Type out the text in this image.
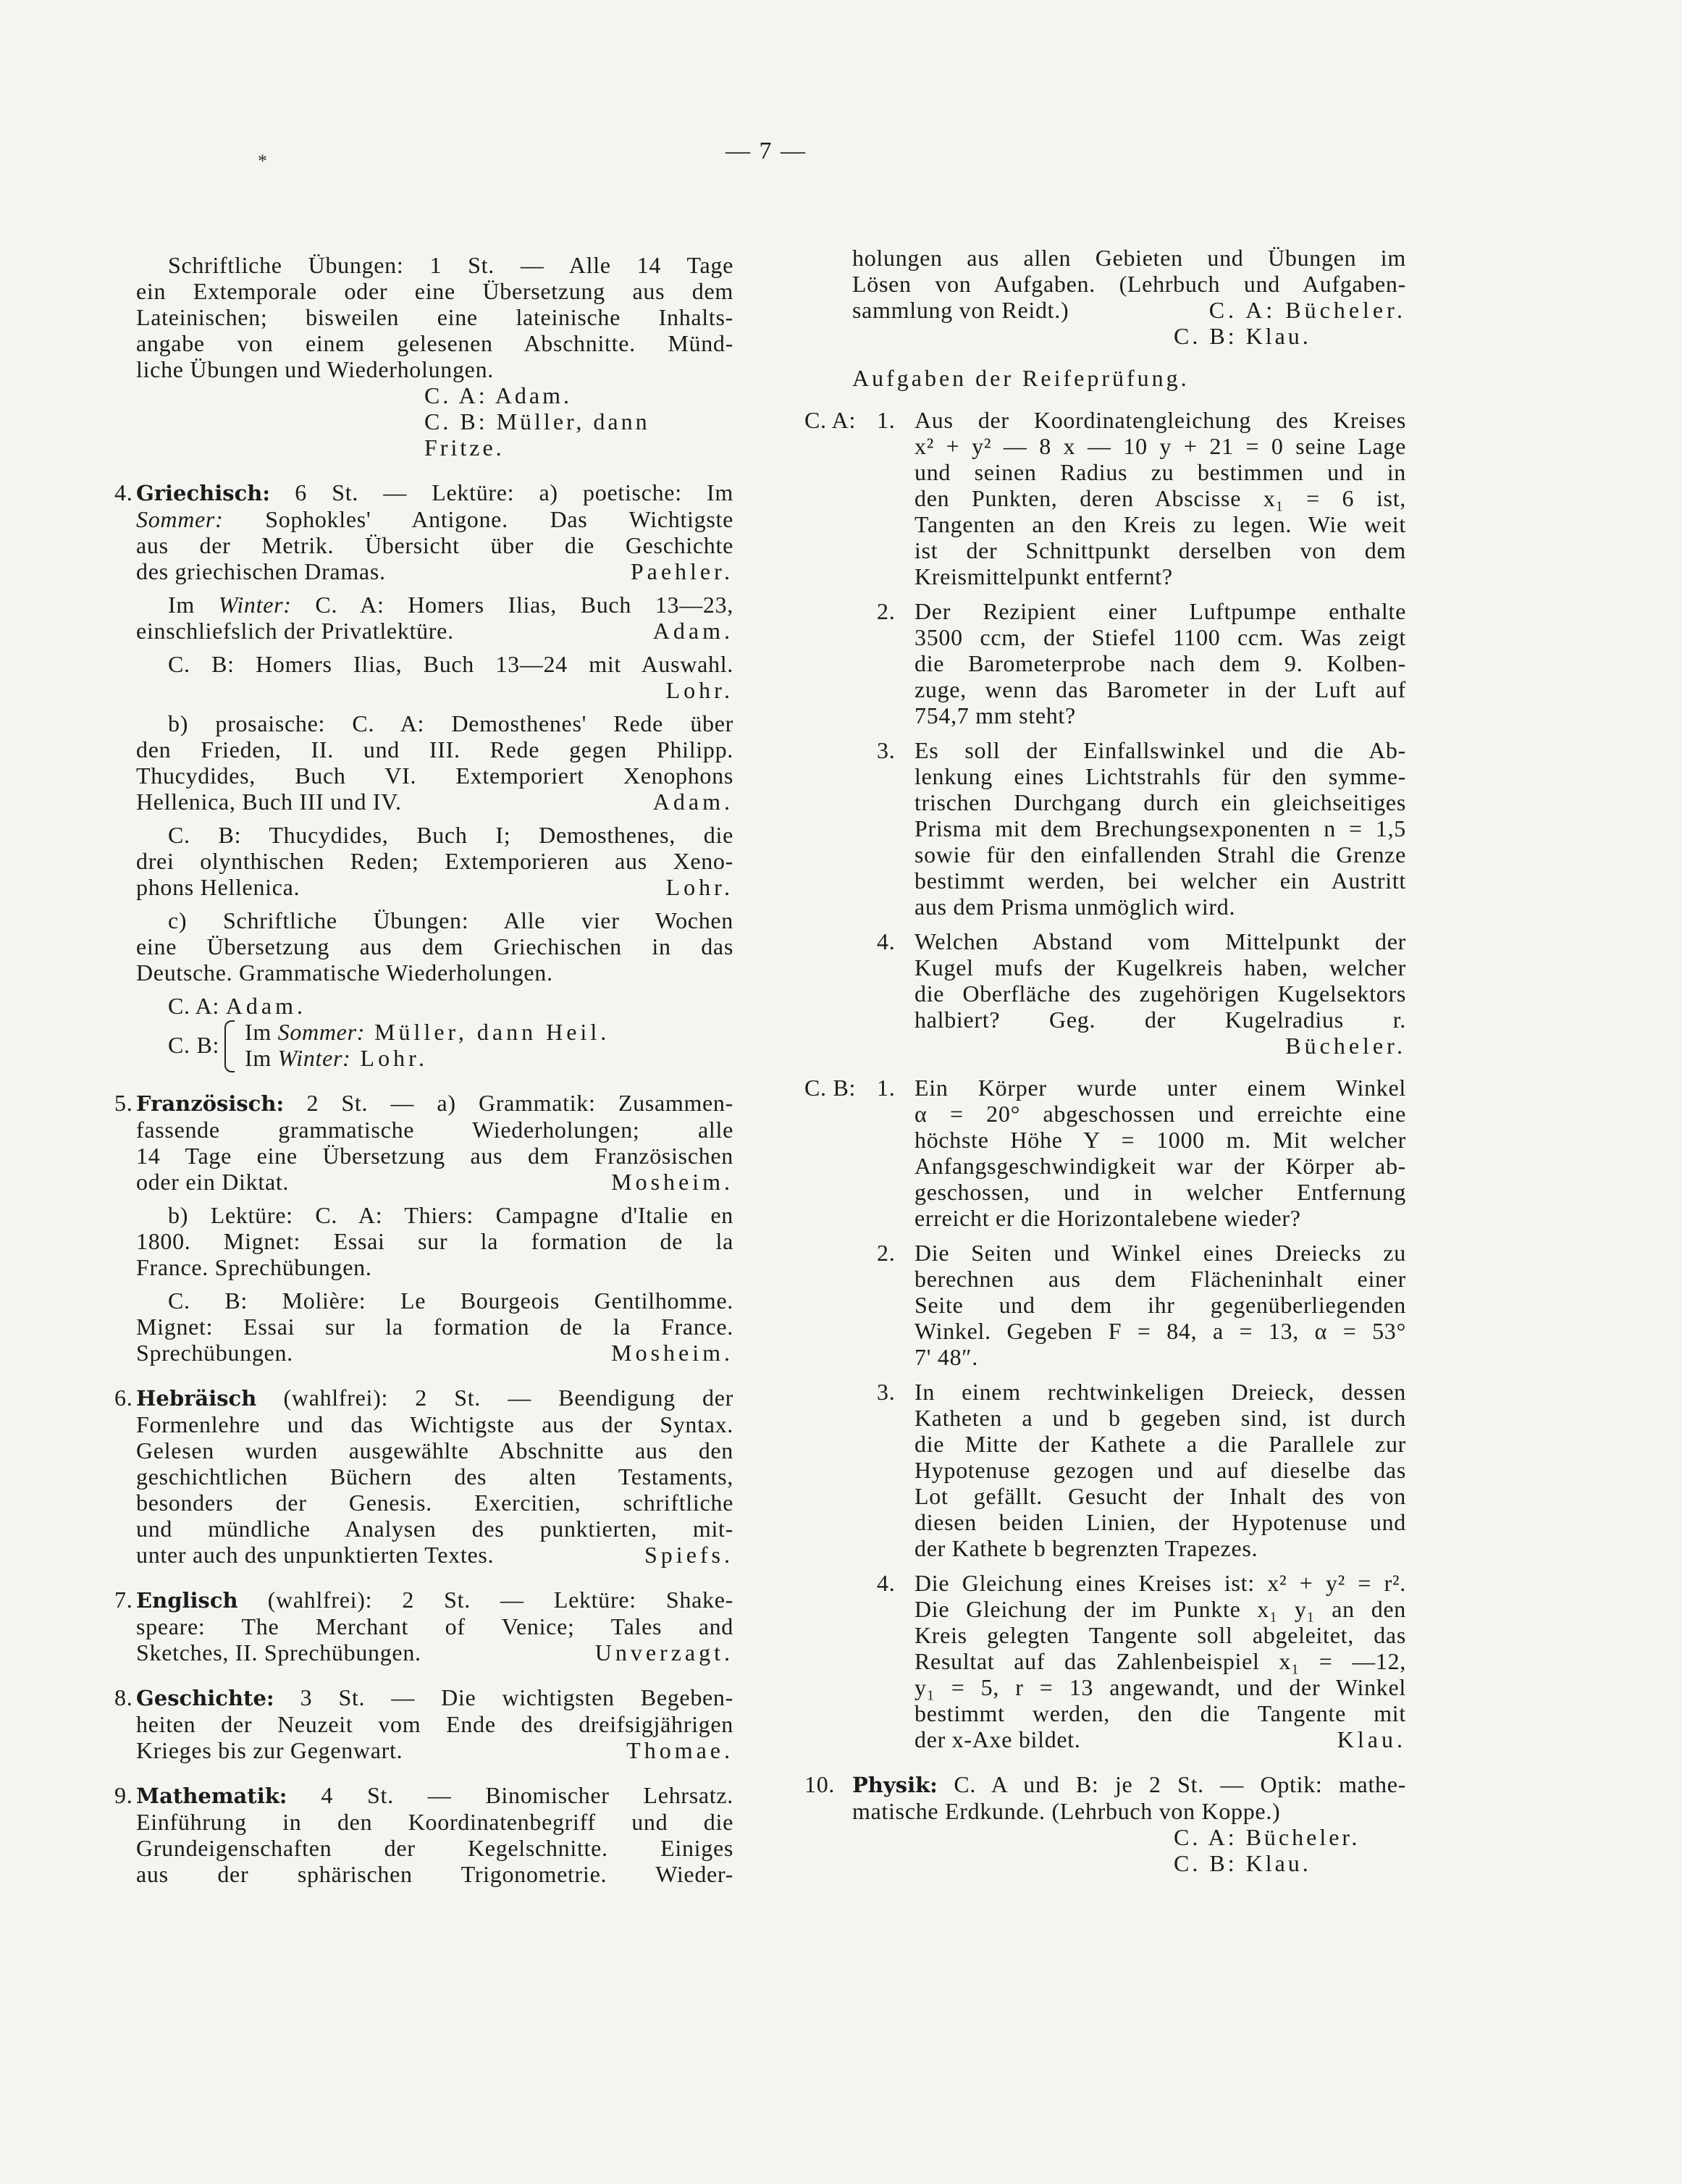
— 7 —
*
Schriftliche Übungen: 1 St. — Alle 14 Tage
ein Extemporale oder eine Übersetzung aus dem
Lateinischen; bisweilen eine lateinische Inhalts-
angabe von einem gelesenen Abschnitte. Münd-
liche Übungen und Wiederholungen.
C. A: Adam.
C. B: Müller, dann Fritze.
4. Griechisch: 6 St. — Lektüre: a) poetische: Im
Sommer: Sophokles' Antigone. Das Wichtigste
aus der Metrik. Übersicht über die Geschichte
des griechischen Dramas.	Paehler.
Im Winter: C. A: Homers Ilias, Buch 13—23,
einschliefslich der Privatlektüre.	Adam.
C. B: Homers Ilias, Buch 13—24 mit Auswahl.
Lohr.
b) prosaische: C. A: Demosthenes' Rede über
den Frieden, II. und III. Rede gegen Philipp.
Thucydides, Buch VI. Extemporiert Xenophons
Hellenica, Buch III und IV.	Adam.
C. B: Thucydides, Buch I; Demosthenes, die
drei olynthischen Reden; Extemporieren aus Xeno-
phons Hellenica.	Lohr.
c) Schriftliche Übungen: Alle vier Wochen
eine Übersetzung aus dem Griechischen in das
Deutsche. Grammatische Wiederholungen.
C. A: Adam.
C. B: Im Sommer: Müller, dann Heil.
Im Winter: Lohr.
5. Französisch: 2 St. — a) Grammatik: Zusammen-
fassende grammatische Wiederholungen; alle
14 Tage eine Übersetzung aus dem Französischen
oder ein Diktat.	Mosheim.
b) Lektüre: C. A: Thiers: Campagne d'Italie en
1800. Mignet: Essai sur la formation de la
France. Sprechübungen.
C. B: Molière: Le Bourgeois Gentilhomme.
Mignet: Essai sur la formation de la France.
Sprechübungen.	Mosheim.
6. Hebräisch (wahlfrei): 2 St. — Beendigung der
Formenlehre und das Wichtigste aus der Syntax.
Gelesen wurden ausgewählte Abschnitte aus den
geschichtlichen Büchern des alten Testaments,
besonders der Genesis. Exercitien, schriftliche
und mündliche Analysen des punktierten, mit-
unter auch des unpunktierten Textes.	Spiefs.
7. Englisch (wahlfrei): 2 St. — Lektüre: Shake-
speare: The Merchant of Venice; Tales and
Sketches, II. Sprechübungen.	Unverzagt.
8. Geschichte: 3 St. — Die wichtigsten Begeben-
heiten der Neuzeit vom Ende des dreifsigjährigen
Krieges bis zur Gegenwart.	Thomae.
9. Mathematik: 4 St. — Binomischer Lehrsatz.
Einführung in den Koordinatenbegriff und die
Grundeigenschaften der Kegelschnitte. Einiges
aus der sphärischen Trigonometrie. Wieder-
holungen aus allen Gebieten und Übungen im
Lösen von Aufgaben. (Lehrbuch und Aufgaben-
sammlung von Reidt.)	C. A: Bücheler.
C. B: Klau.
Aufgaben der Reifeprüfung.
C. A: 1. Aus der Koordinatengleichung des Kreises
x² + y² — 8 x — 10 y + 21 = 0 seine Lage
und seinen Radius zu bestimmen und in
den Punkten, deren Abscisse x₁ = 6 ist,
Tangenten an den Kreis zu legen. Wie weit
ist der Schnittpunkt derselben von dem
Kreismittelpunkt entfernt?
2. Der Rezipient einer Luftpumpe enthalte
3500 ccm, der Stiefel 1100 ccm. Was zeigt
die Barometerprobe nach dem 9. Kolben-
zuge, wenn das Barometer in der Luft auf
754,7 mm steht?
3. Es soll der Einfallswinkel und die Ab-
lenkung eines Lichtstrahls für den symme-
trischen Durchgang durch ein gleichseitiges
Prisma mit dem Brechungsexponenten n = 1,5
sowie für den einfallenden Strahl die Grenze
bestimmt werden, bei welcher ein Austritt
aus dem Prisma unmöglich wird.
4. Welchen Abstand vom Mittelpunkt der
Kugel mufs der Kugelkreis haben, welcher
die Oberfläche des zugehörigen Kugelsektors
halbiert? Geg. der Kugelradius r.
Bücheler.
C. B: 1. Ein Körper wurde unter einem Winkel
α = 20° abgeschossen und erreichte eine
höchste Höhe Y = 1000 m. Mit welcher
Anfangsgeschwindigkeit war der Körper ab-
geschossen, und in welcher Entfernung
erreicht er die Horizontalebene wieder?
2. Die Seiten und Winkel eines Dreiecks zu
berechnen aus dem Flächeninhalt einer
Seite und dem ihr gegenüberliegenden
Winkel. Gegeben F = 84, a = 13, α = 53°
7' 48″.
3. In einem rechtwinkeligen Dreieck, dessen
Katheten a und b gegeben sind, ist durch
die Mitte der Kathete a die Parallele zur
Hypotenuse gezogen und auf dieselbe das
Lot gefällt. Gesucht der Inhalt des von
diesen beiden Linien, der Hypotenuse und
der Kathete b begrenzten Trapezes.
4. Die Gleichung eines Kreises ist: x² + y² = r².
Die Gleichung der im Punkte x₁ y₁ an den
Kreis gelegten Tangente soll abgeleitet, das
Resultat auf das Zahlenbeispiel x₁ = —12,
y₁ = 5, r = 13 angewandt, und der Winkel
bestimmt werden, den die Tangente mit
der x-Axe bildet.	Klau.
10. Physik: C. A und B: je 2 St. — Optik: mathe-
matische Erdkunde. (Lehrbuch von Koppe.)
C. A: Bücheler.
C. B: Klau.
